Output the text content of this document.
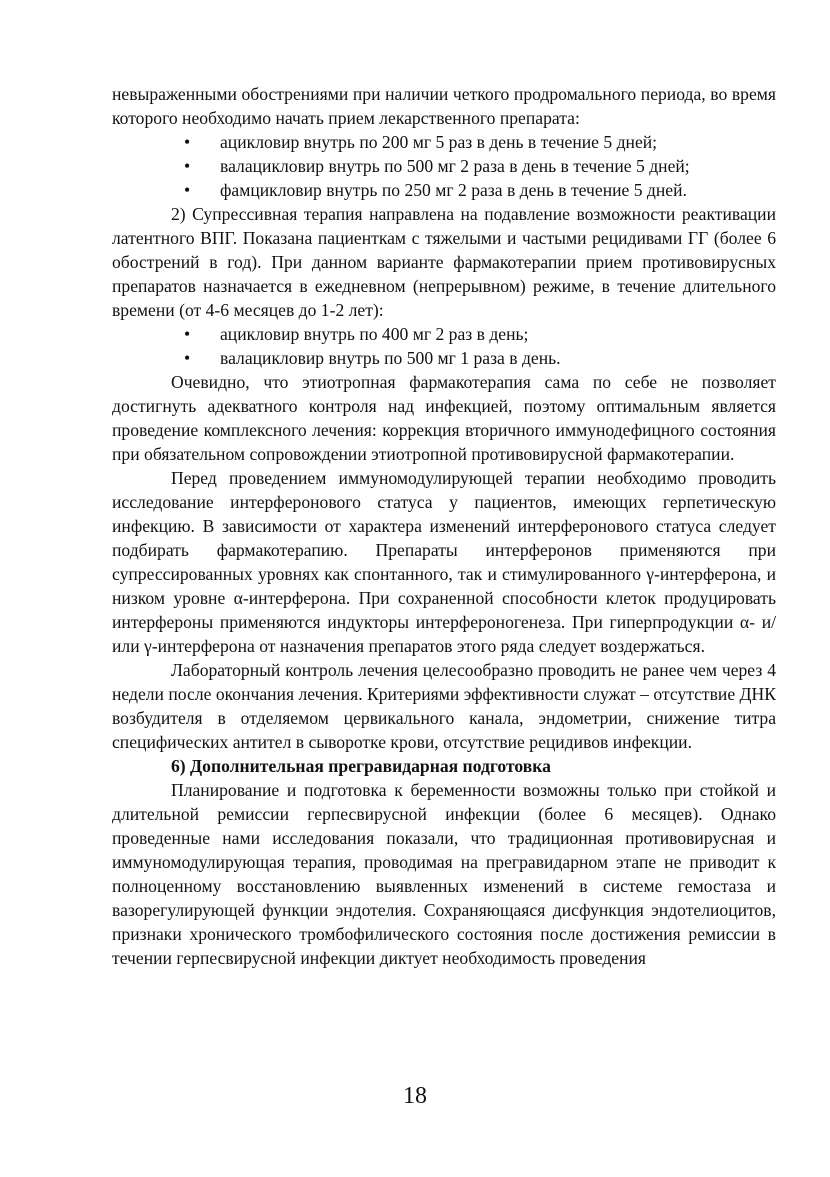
невыраженными обострениями при наличии четкого продромального периода, во время которого необходимо начать прием лекарственного препарата:

• ацикловир внутрь по 200 мг 5 раз в день в течение 5 дней;
• валацикловир внутрь по 500 мг 2 раза в день в течение 5 дней;
• фамцикловир внутрь по 250 мг 2 раза в день в течение 5 дней.

2) Супрессивная терапия направлена на подавление возможности реактивации латентного ВПГ. Показана пациенткам с тяжелыми и частыми рецидивами ГГ (более 6 обострений в год). При данном варианте фармакотерапии прием противовирусных препаратов назначается в ежедневном (непрерывном) режиме, в течение длительного времени (от 4-6 месяцев до 1-2 лет):

• ацикловир внутрь по 400 мг 2 раз в день;
• валацикловир внутрь по 500 мг 1 раза в день.

Очевидно, что этиотропная фармакотерапия сама по себе не позволяет достигнуть адекватного контроля над инфекцией, поэтому оптимальным является проведение комплексного лечения: коррекция вторичного иммунодефицного состояния при обязательном сопровождении этиотропной противовирусной фармакотерапии.

Перед проведением иммуномодулирующей терапии необходимо проводить исследование интерферонового статуса у пациентов, имеющих герпетическую инфекцию. В зависимости от характера изменений интерферонового статуса следует подбирать фармакотерапию. Препараты интерферонов применяются при супрессированных уровнях как спонтанного, так и стимулированного γ-интерферона, и низком уровне α-интерферона. При сохраненной способности клеток продуцировать интерфероны применяются индукторы интерфероногенеза. При гиперпродукции α- и/или γ-интерферона от назначения препаратов этого ряда следует воздержаться.

Лабораторный контроль лечения целесообразно проводить не ранее чем через 4 недели после окончания лечения. Критериями эффективности служат – отсутствие ДНК возбудителя в отделяемом цервикального канала, эндометрии, снижение титра специфических антител в сыворотке крови, отсутствие рецидивов инфекции.

6) Дополнительная прегравидарная подготовка

Планирование и подготовка к беременности возможны только при стойкой и длительной ремиссии герпесвирусной инфекции (более 6 месяцев). Однако проведенные нами исследования показали, что традиционная противовирусная и иммуномодулирующая терапия, проводимая на прегравидарном этапе не приводит к полноценному восстановлению выявленных изменений в системе гемостаза и вазорегулирующей функции эндотелия. Сохраняющаяся дисфункция эндотелиоцитов, признаки хронического тромбофилического состояния после достижения ремиссии в течении герпесвирусной инфекции диктует необходимость проведения

18
